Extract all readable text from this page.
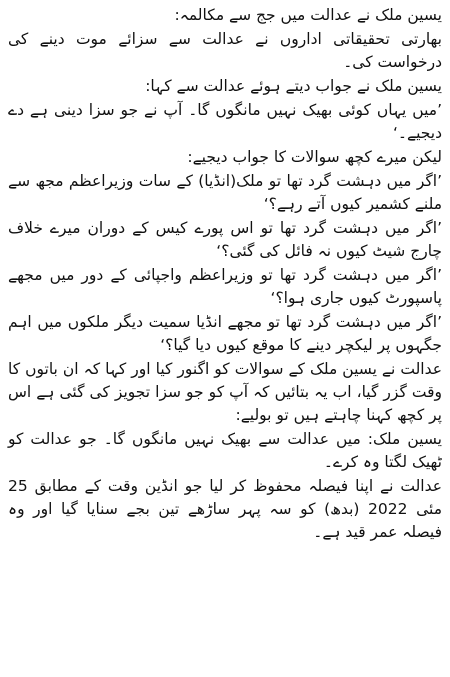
یسین ملک نے عدالت میں جج سے مکالمہ:

بھارتی تحقیقاتی اداروں نے عدالت سے سزائے موت دینے کی درخواست کی۔

یسین ملک نے جواب دیتے ہوئے عدالت سے کہا:

’میں یہاں کوئی بھیک نہیں مانگوں گا۔ آپ نے جو سزا دینی ہے دے دیجیے۔‘

لیکن میرے کچھ سوالات کا جواب دیجیے:

’اگر میں دہشت گرد تھا تو ملک(انڈیا) کے سات وزیراعظم مجھ سے ملنے کشمیر کیوں آتے رہے؟‘

’اگر میں دہشت گرد تھا تو اس پورے کیس کے دوران میرے خلاف چارج شیٹ کیوں نہ فائل کی گئی؟‘

’اگر میں دہشت گرد تھا تو وزیراعظم واجپائی کے دور میں مجھے پاسپورٹ کیوں جاری ہوا؟‘

’اگر میں دہشت گرد تھا تو مجھے انڈیا سمیت دیگر ملکوں میں اہم جگہوں پر لیکچر دینے کا موقع کیوں دیا گیا؟‘

عدالت نے یسین ملک کے سوالات کو اگنور کیا اور کہا کہ ان باتوں کا وقت گزر گیا، اب یہ بتائیں کہ آپ کو جو سزا تجویز کی گئی ہے اس پر کچھ کہنا چاہتے ہیں تو بولیے:

یسین ملک: میں عدالت سے بھیک نہیں مانگوں گا۔ جو عدالت کو ٹھیک لگتا وہ کرے۔

عدالت نے اپنا فیصلہ محفوظ کر لیا جو انڈین وقت کے مطابق 25 مئی 2022 (بدھ) کو سہ پہر ساڑھے تین بجے سنایا گیا اور وہ فیصلہ عمر قید ہے۔
